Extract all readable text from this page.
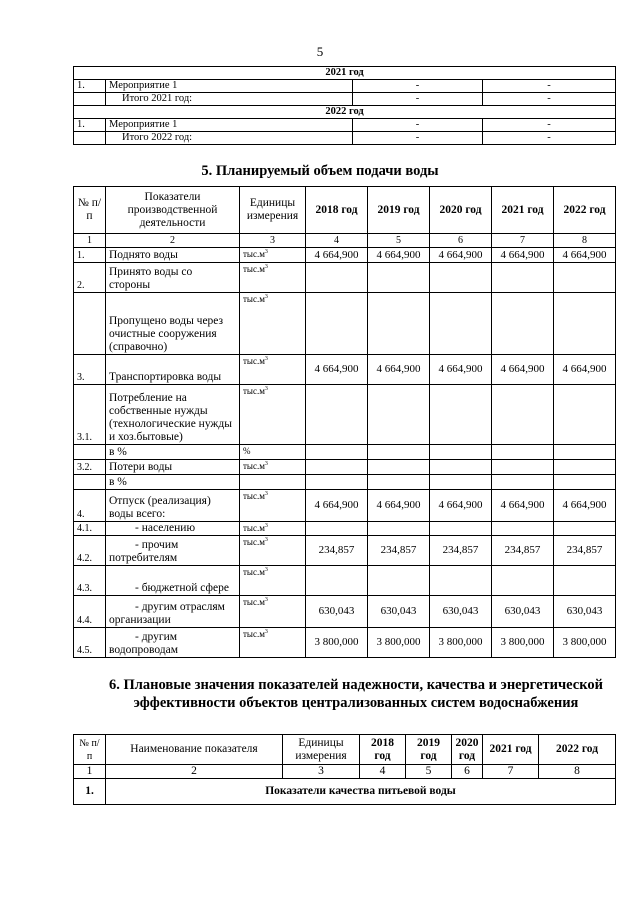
5
2021 год			
1.	Мероприятие 1	-	-
	Итого 2021 год:	-	-
2022 год			
1.	Мероприятие 1	-	-
	Итого 2022 год:	-	-
5. Планируемый объем подачи воды
№ п/п	Показатели производственной деятельности	Единицы измерения	2018 год	2019 год	2020 год	2021 год	2022 год
1	2	3	4	5	6	7	8
1.	Поднято воды	$тыс.м^3$	4 664,900	4 664,900	4 664,900	4 664,900	4 664,900
2.	Принято воды со стороны	$тыс.м^3$					
	Пропущено воды через очистные сооружения (справочно)	$тыс.м^3$					
3.	Транспортировка воды	$тыс.м^3$	4 664,900	4 664,900	4 664,900	4 664,900	4 664,900
3.1.	Потребление на собственные нужды (технологические нужды и хоз.бытовые)	$тыс.м^3$					
	в %	%					
3.2.	Потери воды	$тыс.м^3$					
	в %						
4.	Отпуск (реализация) воды всего:	$тыс.м^3$	4 664,900	4 664,900	4 664,900	4 664,900	4 664,900
4.1.	- населению	$тыс.м^3$					
4.2.	- прочим потребителям	$тыс.м^3$	234,857	234,857	234,857	234,857	234,857
4.3.	- бюджетной сфере	$тыс.м^3$					
4.4.	- другим отраслям организации	$тыс.м^3$	630,043	630,043	630,043	630,043	630,043
4.5.	- другим водопроводам	$тыс.м^3$	3 800,000	3 800,000	3 800,000	3 800,000	3 800,000
6. Плановые значения показателей надежности, качества и энергетической эффективности объектов централизованных систем водоснабжения
№ п/п	Наименование показателя	Единицы измерения	2018 год	2019 год	2020 год	2021 год	2022 год
1	2	3	4	5	6	7	8
1.	Показатели качества питьевой воды						
